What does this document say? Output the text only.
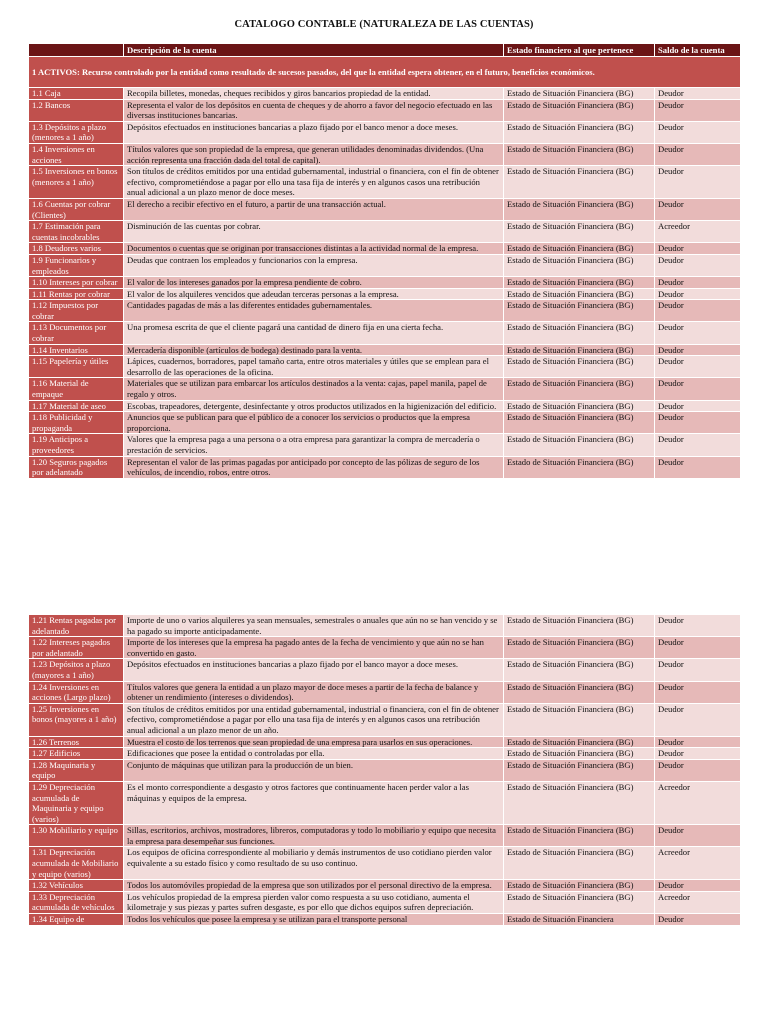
CATALOGO CONTABLE (NATURALEZA DE LAS CUENTAS)
	Descripción de la cuenta	Estado financiero al que pertenece	Saldo de la cuenta
1 ACTIVOS: Recurso controlado por la entidad como resultado de sucesos pasados, del que la entidad espera obtener, en el futuro, beneficios económicos.			
1.1 Caja	Recopila billetes, monedas, cheques recibidos y giros bancarios propiedad de la entidad.	Estado de Situación Financiera (BG)	Deudor
1.2 Bancos	Representa el valor de los depósitos en cuenta de cheques y de ahorro a favor del negocio efectuado en las diversas instituciones bancarias.	Estado de Situación Financiera (BG)	Deudor
1.3 Depósitos a plazo (menores a 1 año)	Depósitos efectuados en instituciones bancarias a plazo fijado por el banco menor a doce meses.	Estado de Situación Financiera (BG)	Deudor
1.4 Inversiones en acciones	Títulos valores que son propiedad de la empresa, que generan utilidades denominadas dividendos. (Una acción representa una fracción dada del total de capital).	Estado de Situación Financiera (BG)	Deudor
1.5 Inversiones en bonos (menores a 1 año)	Son títulos de créditos emitidos por una entidad gubernamental, industrial o financiera, con el fin de obtener efectivo, comprometiéndose a pagar por ello una tasa fija de interés y en algunos casos una retribución anual adicional a un plazo menor de doce meses.	Estado de Situación Financiera (BG)	Deudor
1.6 Cuentas por cobrar (Clientes)	El derecho a recibir efectivo en el futuro, a partir de una transacción actual.	Estado de Situación Financiera (BG)	Deudor
1.7 Estimación para cuentas incobrables	Disminución de las cuentas por cobrar.	Estado de Situación Financiera (BG)	Acreedor
1.8 Deudores varios	Documentos o cuentas que se originan por transacciones distintas a la actividad normal de la empresa.	Estado de Situación Financiera (BG)	Deudor
1.9 Funcionarios y empleados	Deudas que contraen los empleados y funcionarios con la empresa.	Estado de Situación Financiera (BG)	Deudor
1.10 Intereses por cobrar	El valor de los intereses ganados por la empresa pendiente de cobro.	Estado de Situación Financiera (BG)	Deudor
1.11 Rentas por cobrar	El valor de los alquileres vencidos que adeudan terceras personas a la empresa.	Estado de Situación Financiera (BG)	Deudor
1.12 Impuestos por cobrar	Cantidades pagadas de más a las diferentes entidades gubernamentales.	Estado de Situación Financiera (BG)	Deudor
1.13 Documentos por cobrar	Una promesa escrita de que el cliente pagará una cantidad de dinero fija en una cierta fecha.	Estado de Situación Financiera (BG)	Deudor
1.14 Inventarios	Mercadería disponible (artículos de bodega) destinado para la venta.	Estado de Situación Financiera (BG)	Deudor
1.15 Papelería y útiles	Lápices, cuadernos, borradores, papel tamaño carta, entre otros materiales y útiles que se emplean para el desarrollo de las operaciones de la oficina.	Estado de Situación Financiera (BG)	Deudor
1.16 Material de empaque	Materiales que se utilizan para embarcar los artículos destinados a la venta: cajas, papel manila, papel de regalo y otros.	Estado de Situación Financiera (BG)	Deudor
1.17 Material de aseo	Escobas, trapeadores, detergente, desinfectante y otros productos utilizados en la higienización del edificio.	Estado de Situación Financiera (BG)	Deudor
1.18 Publicidad y propaganda	Anuncios que se publican para que el público de a conocer los servicios o productos que la empresa proporciona.	Estado de Situación Financiera (BG)	Deudor
1.19 Anticipos a proveedores	Valores que la empresa paga a una persona o a otra empresa para garantizar la compra de mercadería o prestación de servicios.	Estado de Situación Financiera (BG)	Deudor
1.20 Seguros pagados por adelantado	Representan el valor de las primas pagadas por anticipado por concepto de las pólizas de seguro de los vehículos, de incendio, robos, entre otros.	Estado de Situación Financiera (BG)	Deudor
1.21 Rentas pagadas por adelantado	Importe de uno o varios alquileres ya sean mensuales, semestrales o anuales que aún no se han vencido y se ha pagado su importe anticipadamente.	Estado de Situación Financiera (BG)	Deudor
1.22 Intereses pagados por adelantado	Importe de los intereses que la empresa ha pagado antes de la fecha de vencimiento y que aún no se han convertido en gasto.	Estado de Situación Financiera (BG)	Deudor
1.23 Depósitos a plazo (mayores a 1 año)	Depósitos efectuados en instituciones bancarias a plazo fijado por el banco mayor a doce meses.	Estado de Situación Financiera (BG)	Deudor
1.24 Inversiones en acciones (Largo plazo)	Títulos valores que genera la entidad a un plazo mayor de doce meses a partir de la fecha de balance y obtener un rendimiento (intereses o dividendos).	Estado de Situación Financiera (BG)	Deudor
1.25 Inversiones en bonos (mayores a 1 año)	Son títulos de créditos emitidos por una entidad gubernamental, industrial o financiera, con el fin de obtener efectivo, comprometiéndose a pagar por ello una tasa fija de interés y en algunos casos una retribución anual adicional a un plazo menor de un año.	Estado de Situación Financiera (BG)	Deudor
1.26 Terrenos	Muestra el costo de los terrenos que sean propiedad de una empresa para usarlos en sus operaciones.	Estado de Situación Financiera (BG)	Deudor
1.27 Edificios	Edificaciones que posee la entidad o controladas por ella.	Estado de Situación Financiera (BG)	Deudor
1.28 Maquinaria y equipo	Conjunto de máquinas que utilizan para la producción de un bien.	Estado de Situación Financiera (BG)	Deudor
1.29 Depreciación acumulada de Maquinaria y equipo (varios)	Es el monto correspondiente a desgasto y otros factores que continuamente hacen perder valor a las máquinas y equipos de la empresa.	Estado de Situación Financiera (BG)	Acreedor
1.30 Mobiliario y equipo	Sillas, escritorios, archivos, mostradores, libreros, computadoras y todo lo mobiliario y equipo que necesita la empresa para desempeñar sus funciones.	Estado de Situación Financiera (BG)	Deudor
1.31 Depreciación acumulada de Mobiliario y equipo (varios)	Los equipos de oficina correspondiente al mobiliario y demás instrumentos de uso cotidiano pierden valor equivalente a su estado físico y como resultado de su uso continuo.	Estado de Situación Financiera (BG)	Acreedor
1.32 Vehículos	Todos los automóviles propiedad de la empresa que son utilizados por el personal directivo de la empresa.	Estado de Situación Financiera (BG)	Deudor
1.33 Depreciación acumulada de vehículos	Los vehículos propiedad de la empresa pierden valor como respuesta a su uso cotidiano, aumenta el kilometraje y sus piezas y partes sufren desgaste, es por ello que dichos equipos sufren depreciación.	Estado de Situación Financiera (BG)	Acreedor
1.34 Equipo de	Todos los vehículos que posee la empresa y se utilizan para el transporte personal	Estado de Situación Financiera	Deudor
